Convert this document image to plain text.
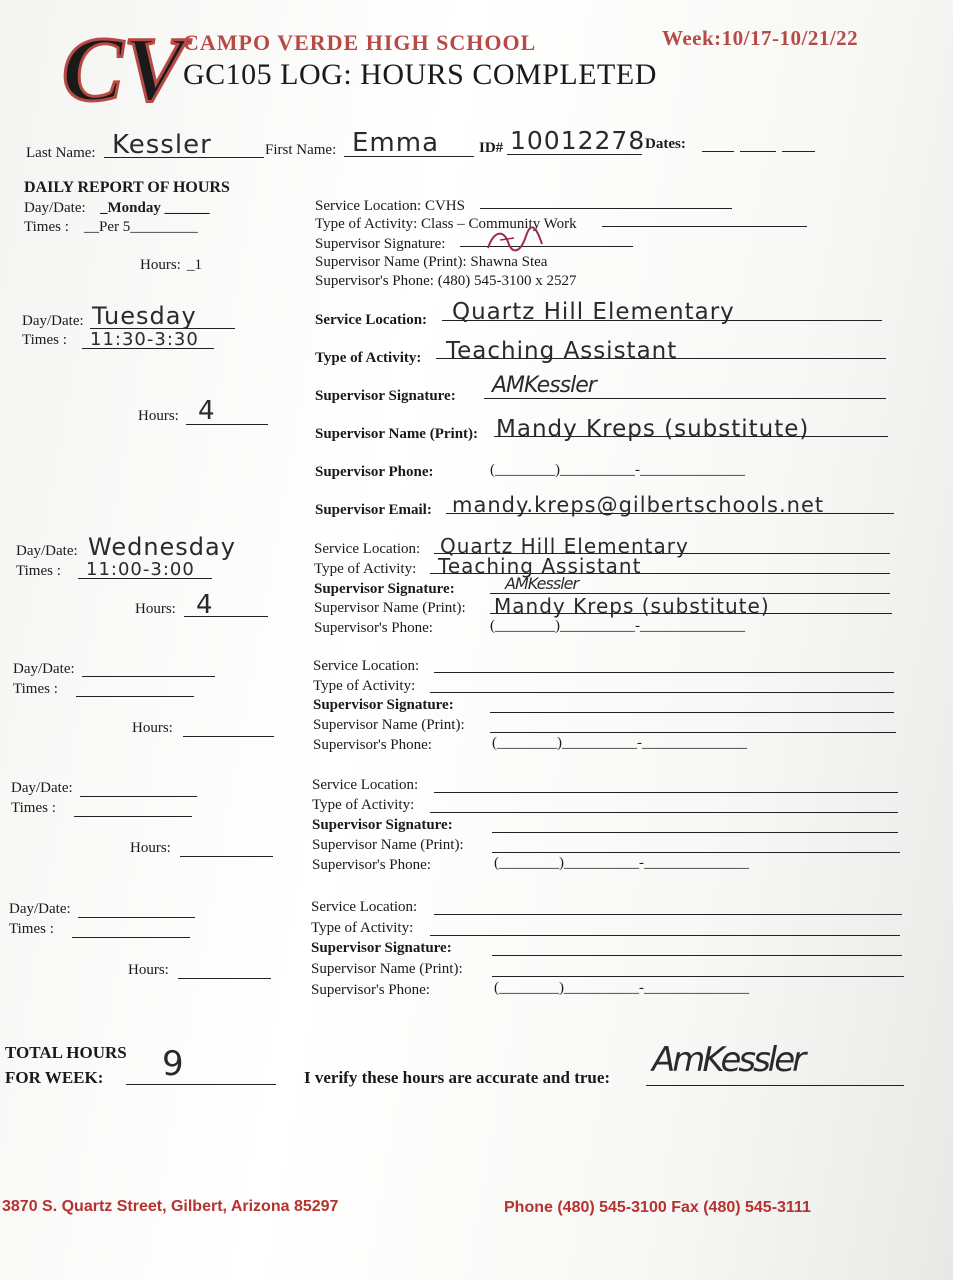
CV
CAMPO VERDE HIGH SCHOOL
GC105 LOG: HOURS COMPLETED
Week:10/17-10/21/22
Last Name: Kessler	First Name: Emma	ID# 10012278 Dates:
DAILY REPORT OF HOURS
Day/Date: _Monday ______
Times : __Per 5_________
Hours: _1
Service Location: CVHS
Type of Activity: Class – Community Work
Supervisor Signature:
Supervisor Name (Print): Shawna Stea
Supervisor's Phone: (480) 545-3100 x 2527
Day/Date: Tuesday
Times : 11:30-3:30
Hours: 4
Service Location: Quartz Hill Elementary
Type of Activity: Teaching Assistant
Supervisor Signature: AMKessler
Supervisor Name (Print): Mandy Kreps (substitute)
Supervisor Phone:	(________)__________-______________
Supervisor Email: mandy.kreps@gilbertschools.net
Day/Date: Wednesday
Times : 11:00-3:00
Hours: 4
Service Location: Quartz Hill Elementary
Type of Activity: Teaching Assistant
Supervisor Signature:	AMKessler
Supervisor Name (Print): Mandy Kreps (substitute)
Supervisor's Phone:	(________)__________-______________
Day/Date:
Times :
Hours:
Service Location:
Type of Activity:
Supervisor Signature:
Supervisor Name (Print):
Supervisor's Phone:	(________)__________-______________
Day/Date:
Times :
Hours:
Service Location:
Type of Activity:
Supervisor Signature:
Supervisor Name (Print):
Supervisor's Phone:	(________)__________-______________
Day/Date:
Times :
Hours:
Service Location:
Type of Activity:
Supervisor Signature:
Supervisor Name (Print):
Supervisor's Phone:	(________)__________-______________
TOTAL HOURS
FOR WEEK: 9	I verify these hours are accurate and true: AmKessler
3870 S. Quartz Street, Gilbert, Arizona 85297	Phone (480) 545-3100 Fax (480) 545-3111
